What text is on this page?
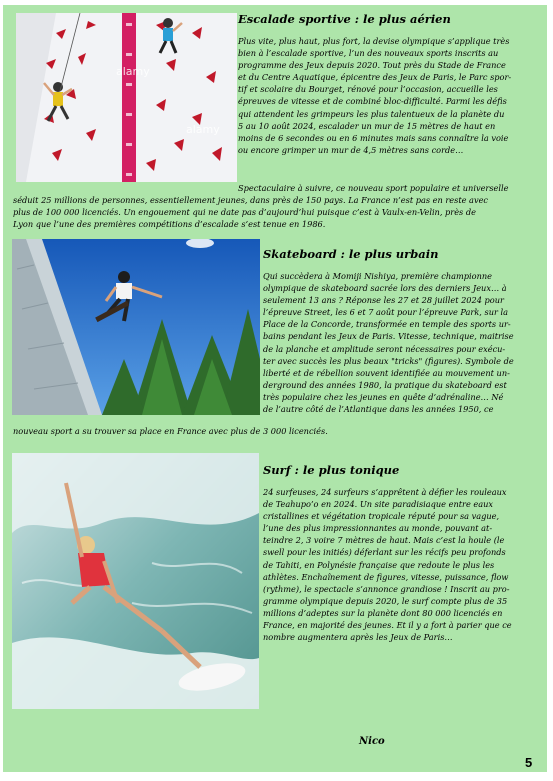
alamy
alamy
Escalade sportive : le plus aérien
Plus vite, plus haut, plus fort, la devise olympique s’applique très
bien à l’escalade sportive, l’un des nouveaux sports inscrits au
programme des Jeux depuis 2020. Tout près du Stade de France
et du Centre Aquatique, épicentre des Jeux de Paris, le Parc spor-
tif et scolaire du Bourget, rénové pour l’occasion, accueille les
épreuves de vitesse et de combiné bloc-difficulté. Parmi les défis
qui attendent les grimpeurs les plus talentueux de la planète du
5 au 10 août 2024, escalader un mur de 15 mètres de haut en
moins de 6 secondes ou en 6 minutes mais sans connaître la voie
ou encore grimper un mur de 4,5 mètres sans corde…
Spectaculaire à suivre, ce nouveau sport populaire et universelle
séduit 25 millions de personnes, essentiellement jeunes, dans près de 150 pays. La France n’est pas en reste avec
plus de 100 000 licenciés. Un engouement qui ne date pas d’aujourd’hui puisque c’est à Vaulx-en-Velin, près de
Lyon que l’une des premières compétitions d’escalade s’est tenue en 1986.
Skateboard : le plus urbain
Qui succèdera à Momiji Nishiya, première championne
olympique de skateboard sacrée lors des derniers Jeux… à
seulement 13 ans ? Réponse les 27 et 28 juillet 2024 pour
l’épreuve Street, les 6 et 7 août pour l’épreuve Park, sur la
Place de la Concorde, transformée en temple des sports ur-
bains pendant les Jeux de Paris. Vitesse, technique, maitrise
de la planche et amplitude seront nécessaires pour exécu-
ter avec succès les plus beaux "tricks" (figures). Symbole de
liberté et de rébellion souvent identifiée au mouvement un-
derground des années 1980, la pratique du skateboard est
très populaire chez les jeunes en quête d’adrénaline… Né
de l’autre côté de l’Atlantique dans les années 1950, ce
nouveau sport a su trouver sa place en France avec plus de 3 000 licenciés.
Surf : le plus tonique
24 surfeuses, 24 surfeurs s’apprêtent à défier les rouleaux
de Teahupo’o en 2024. Un site paradisiaque entre eaux
cristallines et végétation tropicale réputé pour sa vague,
l’une des plus impressionnantes au monde, pouvant at-
teindre 2, 3 voire 7 mètres de haut. Mais c’est la houle (le
swell pour les initiés) déferlant sur les récifs peu profonds
de Tahiti, en Polynésie française que redoute le plus les
athlètes. Enchaînement de figures, vitesse, puissance, flow
(rythme), le spectacle s’annonce grandiose ! Inscrit au pro-
gramme olympique depuis 2020, le surf compte plus de 35
millions d’adeptes sur la planète dont 80 000 licenciés en
France, en majorité des jeunes. Et il y a fort à parier que ce
nombre augmentera après les Jeux de Paris…
Nico
5
